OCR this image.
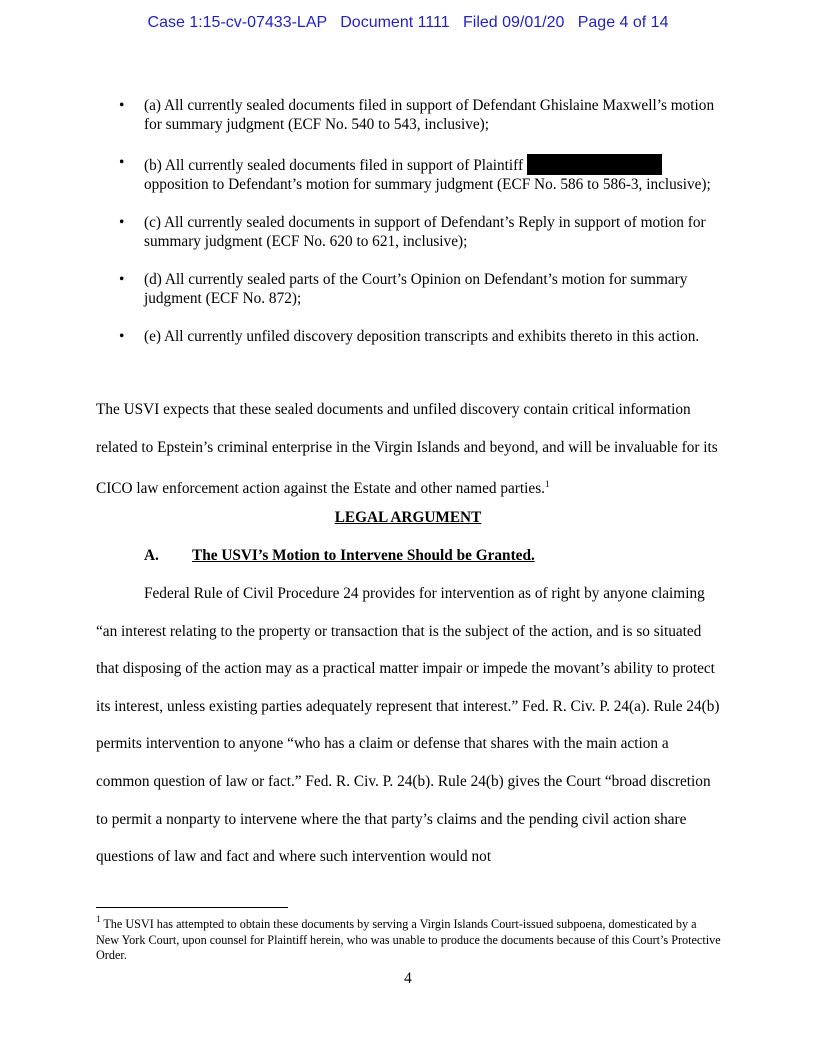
Case 1:15-cv-07433-LAP Document 1111 Filed 09/01/20 Page 4 of 14
• (a) All currently sealed documents filed in support of Defendant Ghislaine Maxwell’s motion for summary judgment (ECF No. 540 to 543, inclusive);
• (b) All currently sealed documents filed in support of Plaintiff  opposition to Defendant’s motion for summary judgment (ECF No. 586 to 586-3, inclusive);
• (c) All currently sealed documents in support of Defendant’s Reply in support of motion for summary judgment (ECF No. 620 to 621, inclusive);
• (d) All currently sealed parts of the Court’s Opinion on Defendant’s motion for summary judgment (ECF No. 872);
• (e) All currently unfiled discovery deposition transcripts and exhibits thereto in this action.

The USVI expects that these sealed documents and unfiled discovery contain critical information related to Epstein’s criminal enterprise in the Virgin Islands and beyond, and will be invaluable for its CICO law enforcement action against the Estate and other named parties.$^1$

LEGAL ARGUMENT
A. The USVI’s Motion to Intervene Should be Granted.

Federal Rule of Civil Procedure 24 provides for intervention as of right by anyone claiming “an interest relating to the property or transaction that is the subject of the action, and is so situated that disposing of the action may as a practical matter impair or impede the movant’s ability to protect its interest, unless existing parties adequately represent that interest.” Fed. R. Civ. P. 24(a). Rule 24(b) permits intervention to anyone “who has a claim or defense that shares with the main action a common question of law or fact.” Fed. R. Civ. P. 24(b). Rule 24(b) gives the Court “broad discretion to permit a nonparty to intervene where the that party’s claims and the pending civil action share questions of law and fact and where such intervention would not

$^1$ The USVI has attempted to obtain these documents by serving a Virgin Islands Court-issued subpoena, domesticated by a New York Court, upon counsel for Plaintiff herein, who was unable to produce the documents because of this Court’s Protective Order.
4
